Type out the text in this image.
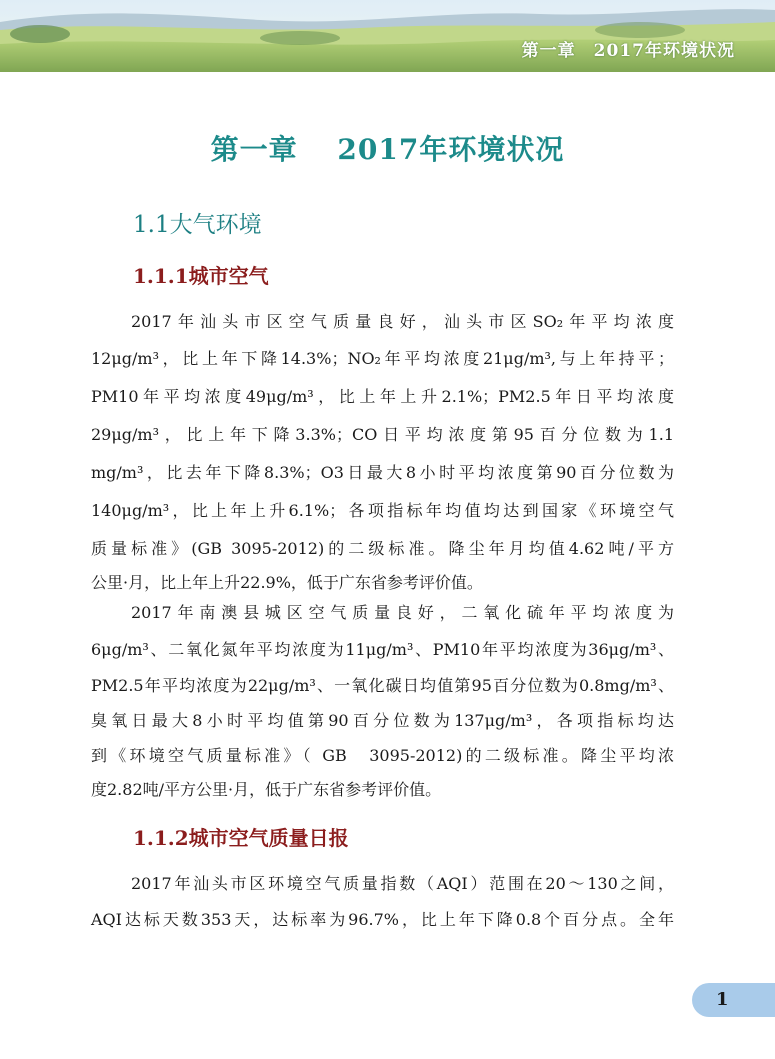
第一章　2017年环境状况
第一章　 2017年环境状况
1.1大气环境
1.1.1城市空气
2017年汕头市区空气质量良好，汕头市区SO₂年平均浓度
12μg/m³，比上年下降14.3%；NO₂年平均浓度21μg/m³,与上年持平；
PM10年平均浓度49μg/m³，比上年上升2.1%；PM2.5年日平均浓度
29μg/m³，比上年下降3.3%；CO日平均浓度第95百分位数为1.1
mg/m³，比去年下降8.3%；O3日最大8小时平均浓度第90百分位数为
140μg/m³，比上年上升6.1%；各项指标年均值均达到国家《环境空气
质量标准》(GB 3095-2012)的二级标准。降尘年月均值4.62吨/平方
公里·月，比上年上升22.9%，低于广东省参考评价值。
2017年南澳县城区空气质量良好，二氧化硫年平均浓度为
6μg/m³、二氧化氮年平均浓度为11μg/m³、PM10年平均浓度为36μg/m³、
PM2.5年平均浓度为22μg/m³、一氧化碳日均值第95百分位数为0.8mg/m³、
臭氧日最大8小时平均值第90百分位数为137μg/m³，各项指标均达
到《环境空气质量标准》（ GB　3095-2012)的二级标准。降尘平均浓
度2.82吨/平方公里·月，低于广东省参考评价值。
1.1.2城市空气质量日报
2017年汕头市区环境空气质量指数（AQI）范围在20～130之间，
AQI达标天数353天，达标率为96.7%，比上年下降0.8个百分点。全年
1
